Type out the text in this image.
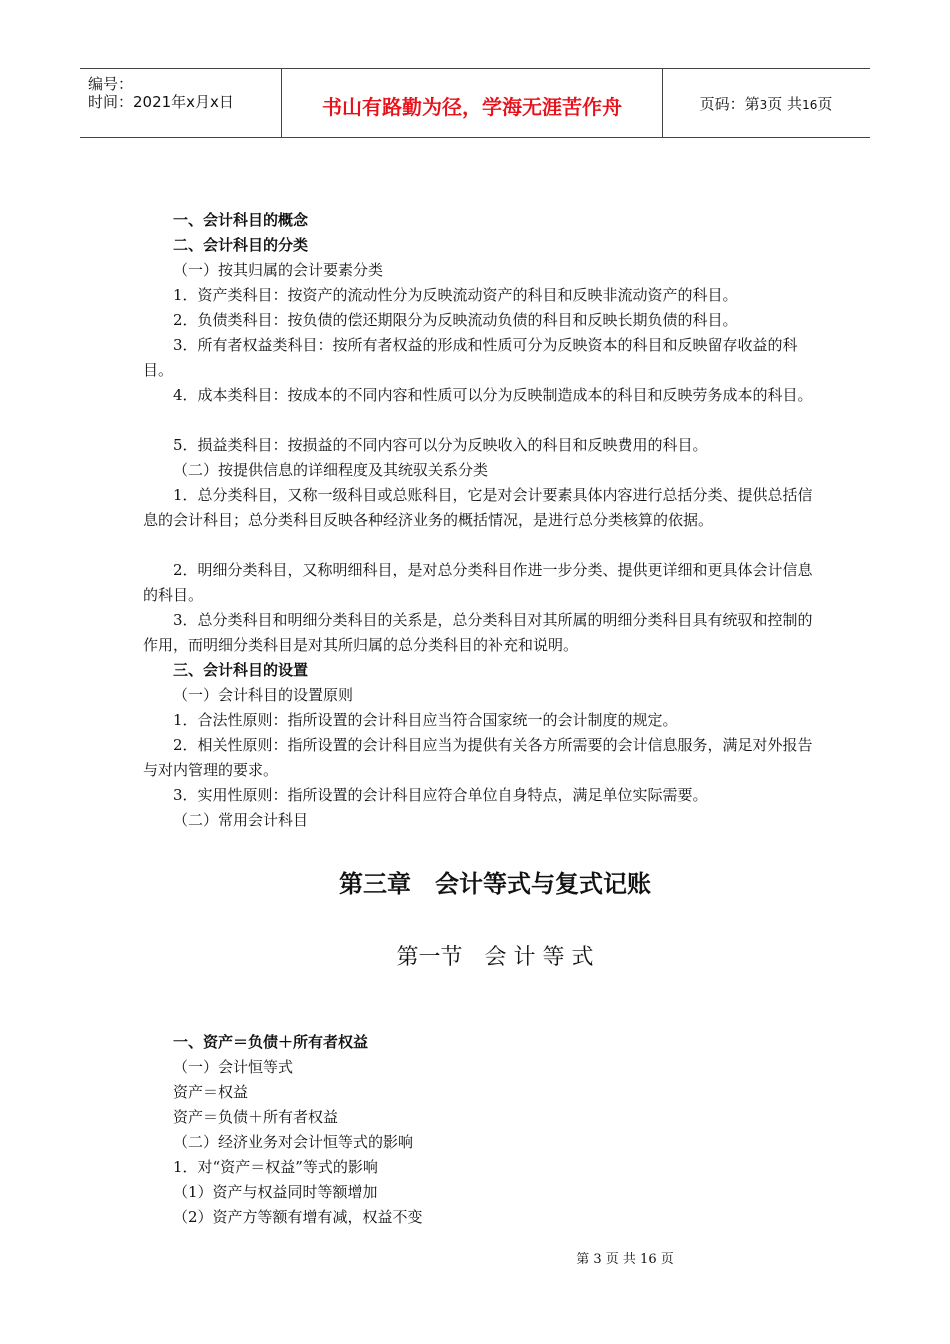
编号：
时间：2021年x月x日	书山有路勤为径，学海无涯苦作舟	页码：第3页 共16页
一、会计科目的概念
二、会计科目的分类
（一）按其归属的会计要素分类
1．资产类科目：按资产的流动性分为反映流动资产的科目和反映非流动资产的科目。
2．负债类科目：按负债的偿还期限分为反映流动负债的科目和反映长期负债的科目。
3．所有者权益类科目：按所有者权益的形成和性质可分为反映资本的科目和反映留存收益的科目。
4．成本类科目：按成本的不同内容和性质可以分为反映制造成本的科目和反映劳务成本的科目。
5．损益类科目：按损益的不同内容可以分为反映收入的科目和反映费用的科目。
（二）按提供信息的详细程度及其统驭关系分类
1．总分类科目，又称一级科目或总账科目，它是对会计要素具体内容进行总括分类、提供总括信息的会计科目；总分类科目反映各种经济业务的概括情况，是进行总分类核算的依据。
2．明细分类科目，又称明细科目，是对总分类科目作进一步分类、提供更详细和更具体会计信息的科目。
3．总分类科目和明细分类科目的关系是，总分类科目对其所属的明细分类科目具有统驭和控制的作用，而明细分类科目是对其所归属的总分类科目的补充和说明。
三、会计科目的设置
（一）会计科目的设置原则
1．合法性原则：指所设置的会计科目应当符合国家统一的会计制度的规定。
2．相关性原则：指所设置的会计科目应当为提供有关各方所需要的会计信息服务，满足对外报告与对内管理的要求。
3．实用性原则：指所设置的会计科目应符合单位自身特点，满足单位实际需要。
（二）常用会计科目
第三章　会计等式与复式记账
第一节　会 计 等 式
一、资产＝负债＋所有者权益
（一）会计恒等式
资产＝权益
资产＝负债＋所有者权益
（二）经济业务对会计恒等式的影响
1．对“资产＝权益”等式的影响
（1）资产与权益同时等额增加
（2）资产方等额有增有减，权益不变
第 3 页 共 16 页
